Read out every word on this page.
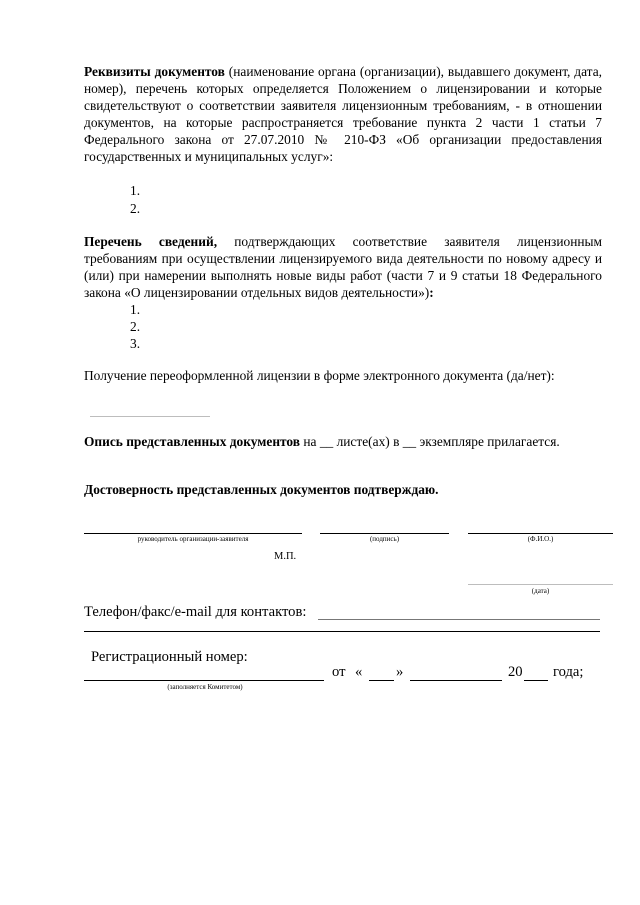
Реквизиты документов (наименование органа (организации), выдавшего документ, дата, номер), перечень которых определяется Положением о лицензировании и которые свидетельствуют о соответствии заявителя лицензионным требованиям, - в отношении документов, на которые распространяется требование пункта 2 части 1 статьи 7 Федерального закона от 27.07.2010 № 210-ФЗ «Об организации предоставления государственных и муниципальных услуг»:

1.
2.

Перечень сведений, подтверждающих соответствие заявителя лицензионным требованиям при осуществлении лицензируемого вида деятельности по новому адресу и (или) при намерении выполнять новые виды работ (части 7 и 9 статьи 18 Федерального закона «О лицензировании отдельных видов деятельности»):

1.
2.
3.

Получение переоформленной лицензии в форме электронного документа (да/нет):

Опись представленных документов на __ листе(ах) в __ экземпляре прилагается.

Достоверность представленных документов подтверждаю.

руководитель организации-заявителя	(подпись)	(Ф.И.О.)
М.П.
(дата)
Телефон/факс/e-mail для контактов:
Регистрационный номер:
от « »	20 года;
(заполняется Комитетом)
